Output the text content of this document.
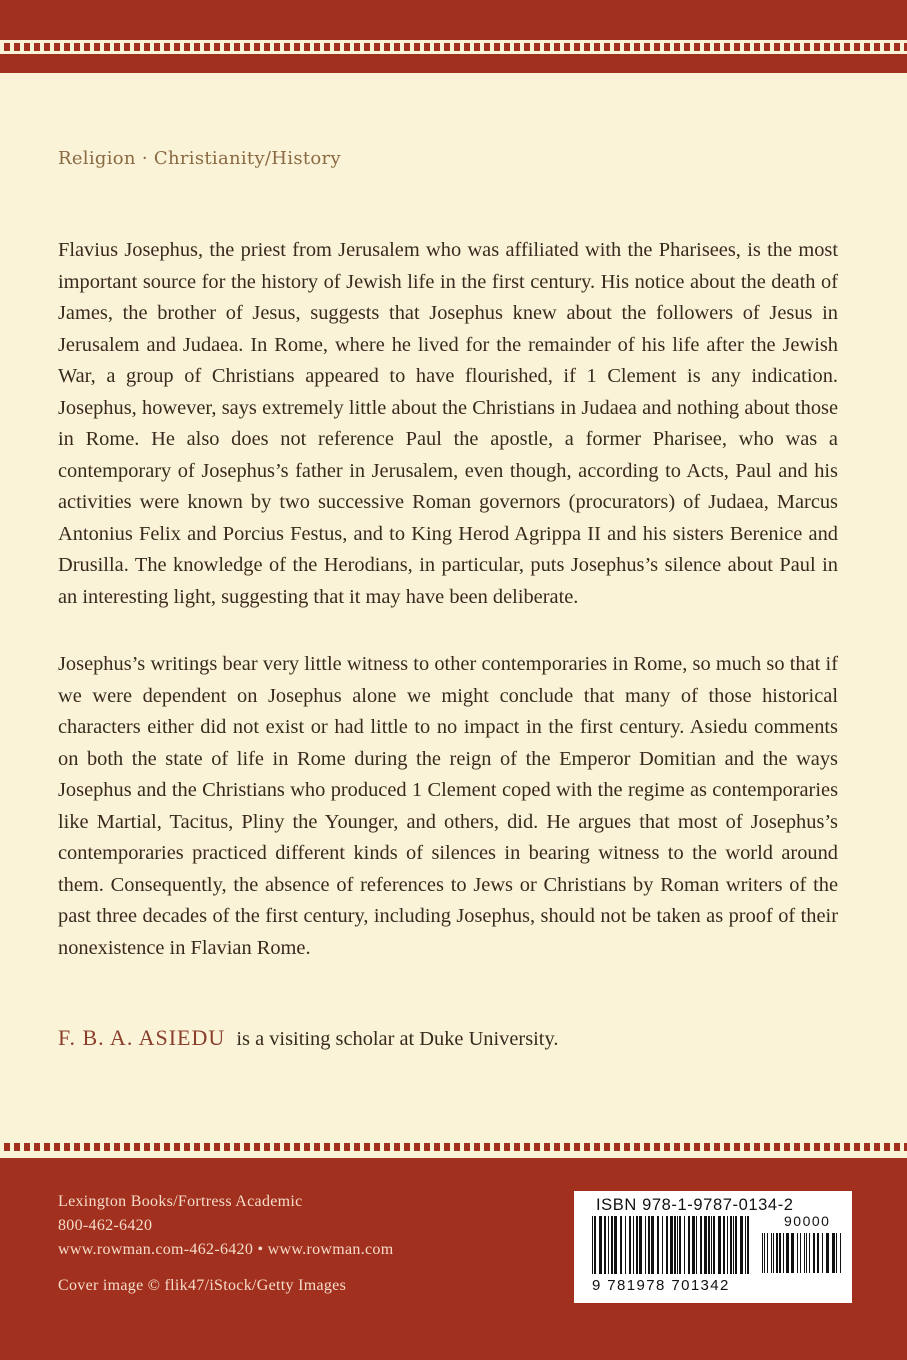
Religion · Christianity/History

Flavius Josephus, the priest from Jerusalem who was affiliated with the Pharisees, is the most important source for the history of Jewish life in the first century. His notice about the death of James, the brother of Jesus, suggests that Josephus knew about the followers of Jesus in Jerusalem and Judaea. In Rome, where he lived for the remainder of his life after the Jewish War, a group of Christians appeared to have flourished, if 1 Clement is any indication. Josephus, however, says extremely little about the Christians in Judaea and nothing about those in Rome. He also does not reference Paul the apostle, a former Pharisee, who was a contemporary of Josephus’s father in Jerusalem, even though, according to Acts, Paul and his activities were known by two successive Roman governors (procurators) of Judaea, Marcus Antonius Felix and Porcius Festus, and to King Herod Agrippa II and his sisters Berenice and Drusilla. The knowledge of the Herodians, in particular, puts Josephus’s silence about Paul in an interesting light, suggesting that it may have been deliberate.

Josephus’s writings bear very little witness to other contemporaries in Rome, so much so that if we were dependent on Josephus alone we might conclude that many of those historical characters either did not exist or had little to no impact in the first century. Asiedu comments on both the state of life in Rome during the reign of the Emperor Domitian and the ways Josephus and the Christians who produced 1 Clement coped with the regime as contemporaries like Martial, Tacitus, Pliny the Younger, and others, did. He argues that most of Josephus’s contemporaries practiced different kinds of silences in bearing witness to the world around them. Consequently, the absence of references to Jews or Christians by Roman writers of the past three decades of the first century, including Josephus, should not be taken as proof of their nonexistence in Flavian Rome.

F. B. A. ASIEDU is a visiting scholar at Duke University.
Lexington Books/Fortress Academic
800-462-6420
www.rowman.com-462-6420 • www.rowman.com
Cover image © flik47/iStock/Getty Images
ISBN 978-1-9787-0134-2
90000
9 781978 701342
